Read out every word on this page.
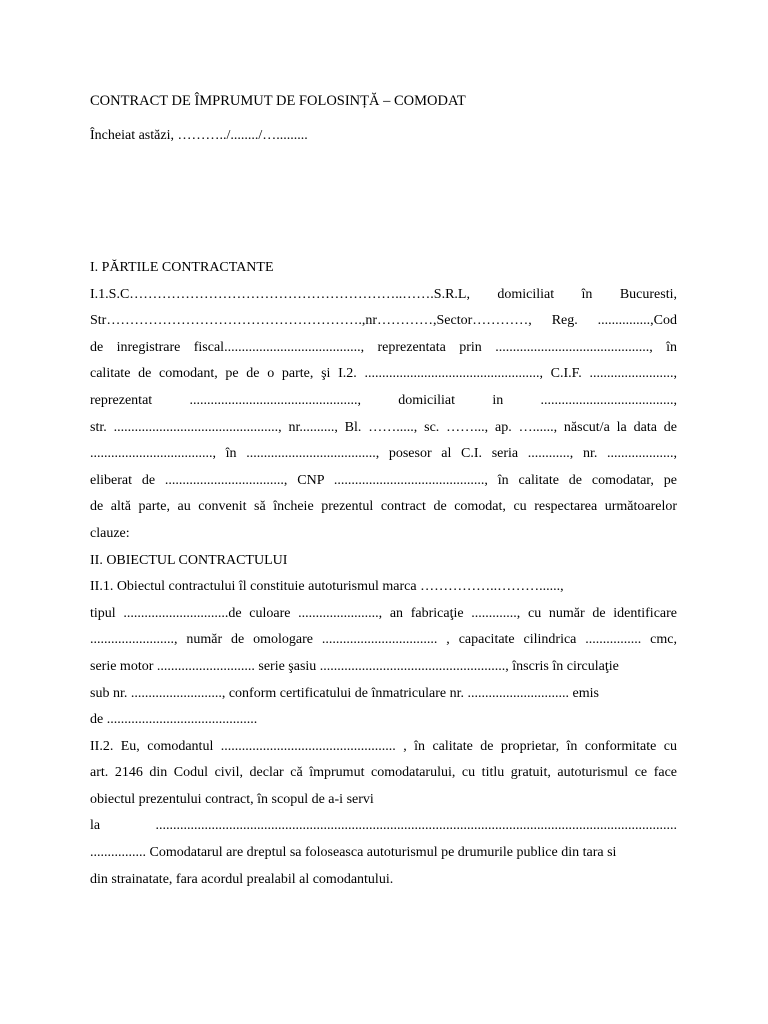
CONTRACT DE ÎMPRUMUT DE FOLOSINȚĂ – COMODAT
Încheiat astăzi, ………../......../….........

I. PĂRTILE CONTRACTANTE

I.1.S.C…………………………………………………..…….S.R.L, domiciliat în Bucuresti,

Str……………………………………………….,nr…………,Sector…………, Reg. ...............,Cod

de inregistrare fiscal......................................., reprezentata prin ............................................, în

calitate de comodant, pe de o parte, şi I.2. .................................................., C.I.F. ........................,

reprezentat ................................................, domiciliat in ......................................,

str. ..............................................., nr.........., Bl. ……....., sc. ……..., ap. …......, născut/a la data de

..................................., în ....................................., posesor al C.I. seria ............, nr. ...................,

eliberat de .................................., CNP ..........................................., în calitate de comodatar, pe

de altă parte, au convenit să încheie prezentul contract de comodat, cu respectarea următoarelor

clauze:

II. OBIECTUL CONTRACTULUI

II.1. Obiectul contractului îl constituie autoturismul marca ……………..………......,

tipul ..............................de culoare ......................., an fabricaţie ............., cu număr de identificare

........................, număr de omologare ................................. , capacitate cilindrica ................ cmc,

serie motor ............................ serie şasiu ....................................................., înscris în circulaţie

sub nr. .........................., conform certificatului de înmatriculare nr. ............................. emis

de ...........................................

II.2. Eu, comodantul .................................................. , în calitate de proprietar, în conformitate cu

art. 2146 din Codul civil, declar că împrumut comodatarului, cu titlu gratuit, autoturismul ce face

obiectul prezentului contract, în scopul de a-i servi

la .....................................................................................................................................................

................ Comodatarul are dreptul sa foloseasca autoturismul pe drumurile publice din tara si

din strainatate, fara acordul prealabil al comodantului.
